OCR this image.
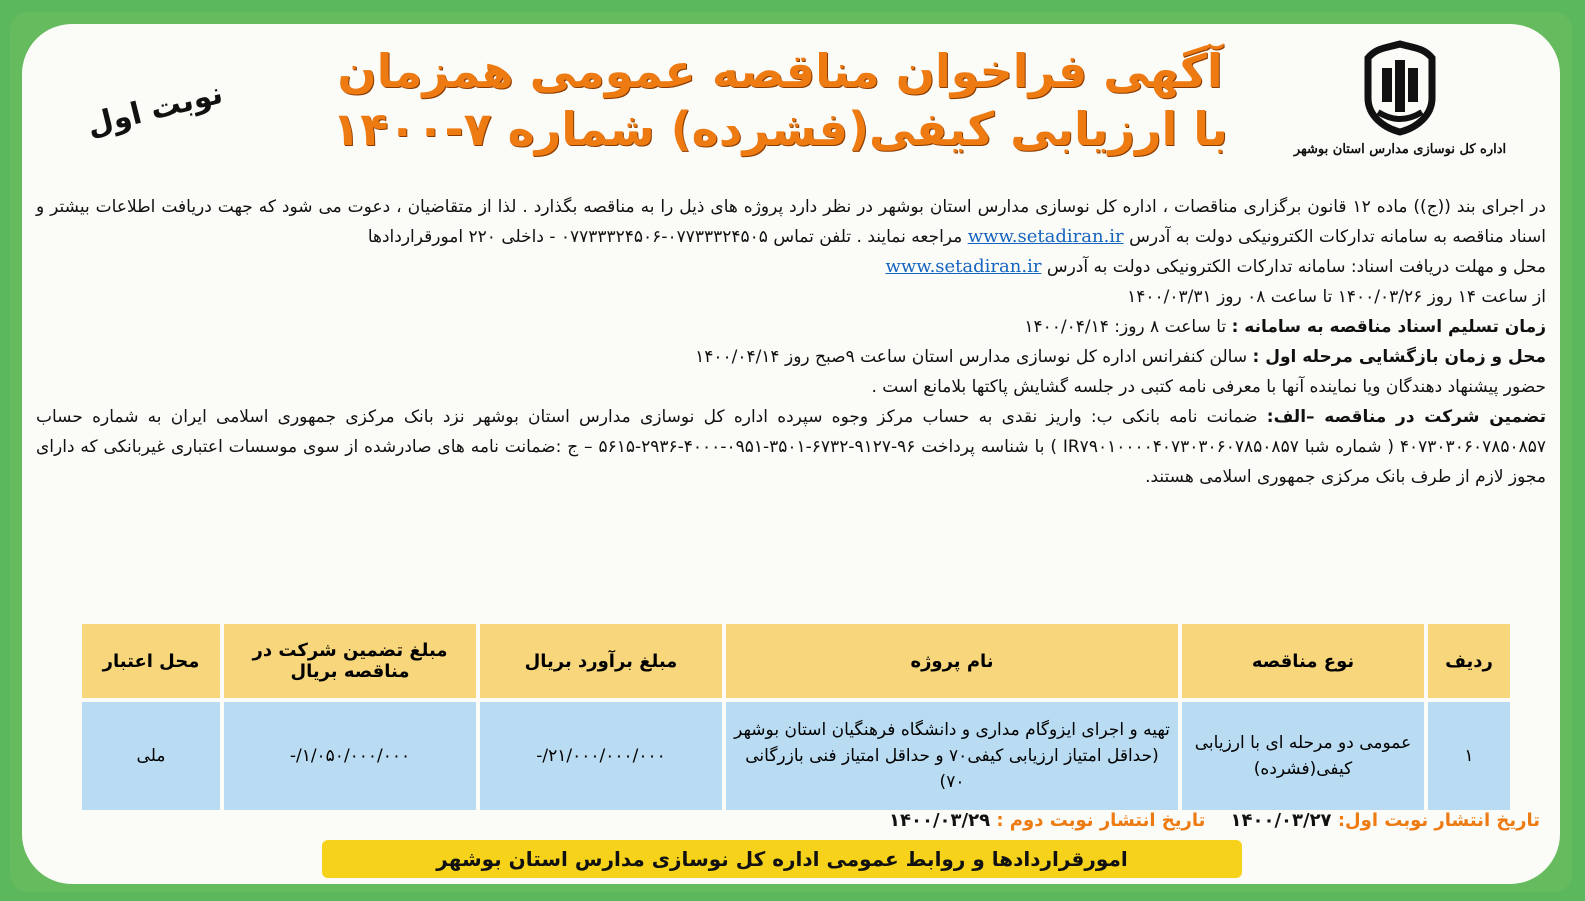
اداره کل نوسازی مدارس استان بوشهر
آگهی فراخوان مناقصه عمومی همزمان
با ارزیابی کیفی(فشرده) شماره ۷-۱۴۰۰
نوبت اول

در اجرای بند ((ج)) ماده ۱۲ قانون برگزاری مناقصات ، اداره کل نوسازی مدارس استان بوشهر در نظر دارد پروژه های ذیل را به مناقصه بگذارد . لذا از متقاضیان ، دعوت می شود که جهت دریافت اطلاعات بیشتر و اسناد مناقصه به سامانه تدارکات الکترونیکی دولت به آدرس www.setadiran.ir مراجعه نمایند . تلفن تماس ۰۷۷۳۳۳۲۴۵۰۵-۰۷۷۳۳۳۲۴۵۰۶ - داخلی ۲۲۰ امورقراردادها

محل و مهلت دریافت اسناد: سامانه تدارکات الکترونیکی دولت به آدرس www.setadiran.ir

از ساعت ۱۴ روز ۱۴۰۰/۰۳/۲۶ تا ساعت ۰۸ روز ۱۴۰۰/۰۳/۳۱

زمان تسلیم اسناد مناقصه به سامانه : تا ساعت ۸ روز: ۱۴۰۰/۰۴/۱۴

محل و زمان بازگشایی مرحله اول : سالن کنفرانس اداره کل نوسازی مدارس استان ساعت ۹صبح روز ۱۴۰۰/۰۴/۱۴

حضور پیشنهاد دهندگان ویا نماینده آنها با معرفی نامه کتبی در جلسه گشایش پاکتها بلامانع است .

تضمین شرکت در مناقصه –الف: ضمانت نامه بانکی ب: واریز نقدی به حساب مرکز وجوه سپرده اداره کل نوسازی مدارس استان بوشهر نزد بانک مرکزی جمهوری اسلامی ایران به شماره حساب ۴۰۷۳۰۳۰۶۰۷۸۵۰۸۵۷ ( شماره شبا IR۷۹۰۱۰۰۰۰۴۰۷۳۰۳۰۶۰۷۸۵۰۸۵۷ ) با شناسه پرداخت ۹۶-۹۱۲۷-۶۷۳۲-۳۵۰۱-۰۹۵۱-۴۰۰۰-۲۹۳۶-۵۶۱۵ – ج :ضمانت نامه های صادرشده از سوی موسسات اعتباری غیربانکی که دارای مجوز لازم از طرف بانک مرکزی جمهوری اسلامی هستند.

ردیف	نوع مناقصه	نام پروژه	مبلغ برآورد بریال	مبلغ تضمین شرکت در مناقصه بریال	محل اعتبار
۱	عمومی دو مرحله ای با ارزیابی کیفی(فشرده)	تهیه و اجرای ایزوگام مداری و دانشگاه فرهنگیان استان بوشهر (حداقل امتیاز ارزیابی کیفی۷۰ و حداقل امتیاز فنی بازرگانی ۷۰)	۲۱/۰۰۰/۰۰۰/۰۰۰/-	۱/۰۵۰/۰۰۰/۰۰۰/-	ملی
تاریخ انتشار نوبت اول: ۱۴۰۰/۰۳/۲۷    تاریخ انتشار نوبت دوم : ۱۴۰۰/۰۳/۲۹
امورقراردادها و روابط عمومی اداره کل نوسازی مدارس استان بوشهر
